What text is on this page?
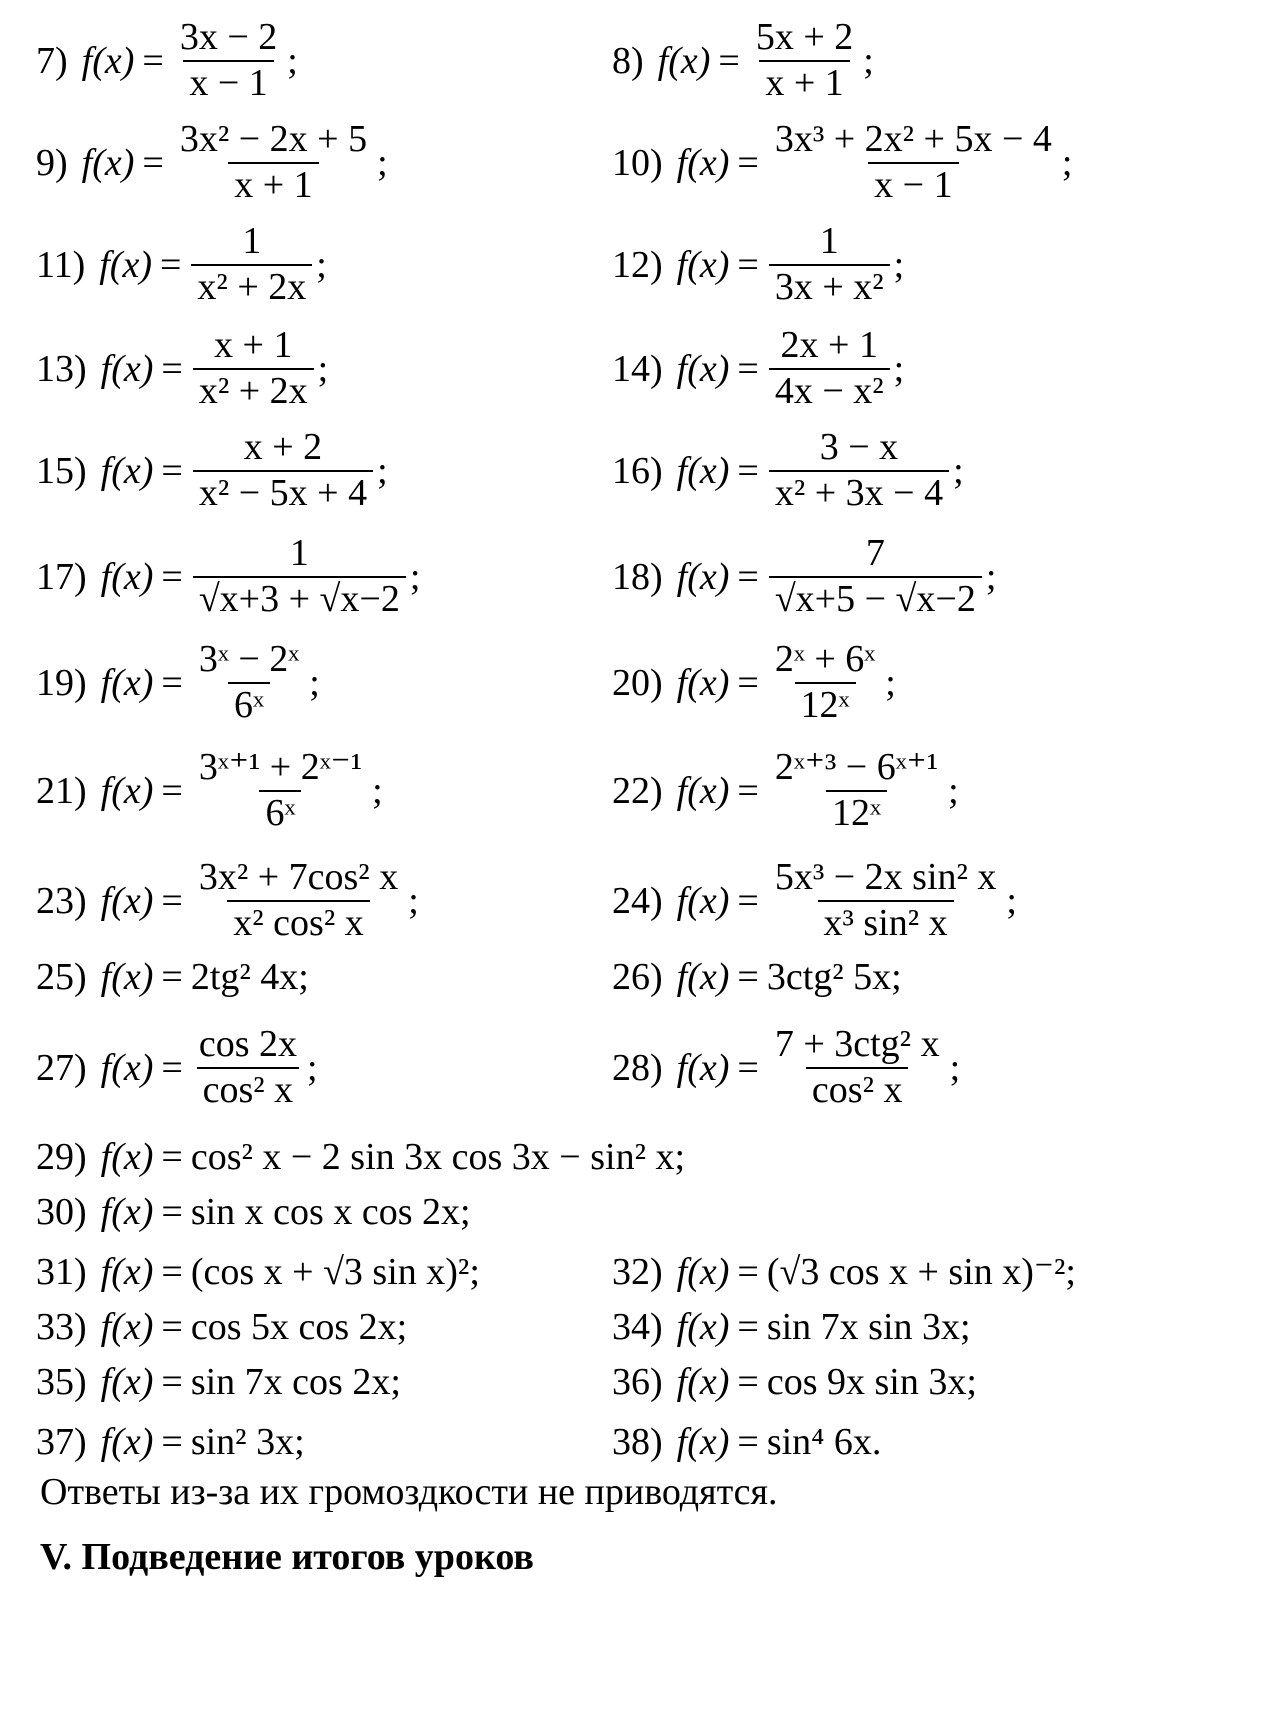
7) $f(x) = \frac{3x - 2}{x - 1}$ ;	8) $f(x) = \frac{5x + 2}{x + 1}$ ;
9) $f(x) = \frac{\text{3x² − 2x + 5}}{x + 1}$ ;	10) $f(x) = \frac{\text{3x³ + 2x² + 5x − 4}}{x - 1}$ ;
11) $f(x) = \frac{1}{\text{x² + 2x}}$ ;	12) $f(x) = \frac{1}{\text{3x + x²}}$ ;
13) $f(x) = \frac{x + 1}{\text{x² + 2x}}$ ;	14) $f(x) = \frac{2x + 1}{\text{4x − x²}}$ ;
15) $f(x) = \frac{x + 2}{\text{x² − 5x + 4}}$ ;	16) $f(x) = \frac{3 - x}{\text{x² + 3x − 4}}$ ;
17) $f(x) = \frac{1}{√x+3 + √x-2}$ ;	18) $f(x) = \frac{7}{√x+5 - √x-2}$ ;
19) $f(x) = \frac{\text{3ˣ − 2ˣ}}{\text{6ˣ}}$ ;	20) $f(x) = \frac{\text{2ˣ + 6ˣ}}{\text{12ˣ}}$ ;
21) $f(x) = \frac{\text{3ˣ⁺¹ + 2ˣ⁻¹}}{\text{6ˣ}}$ ;	22) $f(x) = \frac{\text{2ˣ⁺³ − 6ˣ⁺¹}}{\text{12ˣ}}$ ;
23) $f(x) = \frac{\text{3x² + 7cos² x}}{\text{x² cos² x}}$ ;	24) $f(x) = \frac{\text{5x³ − 2x sin² x}}{\text{x³ sin² x}}$ ;
25) f(x) = 2tg² 4x;	26) f(x) = 3ctg² 5x;
27) $f(x) = \frac{\cos 2x}{\text{cos² x}}$ ;	28) $f(x) = \frac{\text{7 + 3ctg² x}}{\text{cos² x}}$ ;
29) f(x) = cos² x − 2 sin 3x cos 3x − sin² x;
30) f(x) = sin x cos x cos 2x;
31) f(x) = (cos x + √3 sin x)²;	32) f(x) = (√3 cos x + sin x)⁻²;
33) f(x) = cos 5x cos 2x;	34) f(x) = sin 7x sin 3x;
35) f(x) = sin 7x cos 2x;	36) f(x) = cos 9x sin 3x;
37) f(x) = sin² 3x;	38) f(x) = sin⁴ 6x.
Ответы из-за их громоздкости не приводятся.
V. Подведение итогов уроков
